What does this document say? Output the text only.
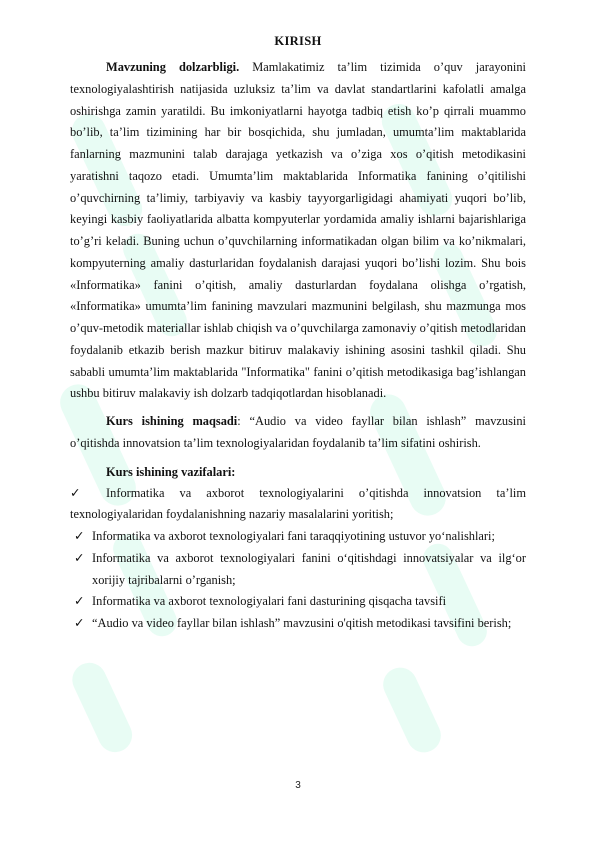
KIRISH

Mavzuning dolzarbligi. Mamlakatimiz ta’lim tizimida o’quv jarayonini texnologiyalashtirish natijasida uzluksiz ta’lim va davlat standartlarini kafolatli amalga oshirishga zamin yaratildi. Bu imkoniyatlarni hayotga tadbiq etish ko’p qirrali muammo bo’lib, ta’lim tizimining har bir bosqichida, shu jumladan, umumta’lim maktablarida fanlarning mazmunini talab darajaga yetkazish va o’ziga xos o’qitish metodikasini yaratishni taqozo etadi. Umumta’lim maktablarida Informatika fanining o’qitilishi o’quvchirning ta’limiy, tarbiyaviy va kasbiy tayyorgarligidagi ahamiyati yuqori bo’lib, keyingi kasbiy faoliyatlarida albatta kompyuterlar yordamida amaliy ishlarni bajarishlariga to’g’ri keladi. Buning uchun o’quvchilarning informatikadan olgan bilim va ko’nikmalari, kompyuterning amaliy dasturlaridan foydalanish darajasi yuqori bo’lishi lozim. Shu bois «Informatika» fanini o’qitish, amaliy dasturlardan foydalana olishga o’rgatish, «Informatika» umumta’lim fanining mavzulari mazmunini belgilash, shu mazmunga mos o’quv-metodik materiallar ishlab chiqish va o’quvchilarga zamonaviy o’qitish metodlaridan foydalanib etkazib berish mazkur bitiruv malakaviy ishining asosini tashkil qiladi. Shu sababli umumta’lim maktablarida "Informatika" fanini o’qitish metodikasiga bag’ishlangan ushbu bitiruv malakaviy ish dolzarb tadqiqotlardan hisoblanadi.

Kurs ishining maqsadi: “Audio va video fayllar bilan ishlash” mavzusini o’qitishda innovatsion ta’lim texnologiyalaridan foydalanib ta’lim sifatini oshirish.

Kurs ishining vazifalari:
✓ Informatika va axborot texnologiyalarini o’qitishda innovatsion ta’lim texnologiyalaridan foydalanishning nazariy masalalarini yoritish;
✓ Informatika va axborot texnologiyalari fani taraqqiyotining ustuvor yo‘nalishlari;
✓ Informatika va axborot texnologiyalari fanini o‘qitishdagi innovatsiyalar va ilg‘or xorijiy tajribalarni o’rganish;
✓ Informatika va axborot texnologiyalari fani dasturining qisqacha tavsifi
✓ “Audio va video fayllar bilan ishlash” mavzusini o'qitish metodikasi tavsifini berish;
3
